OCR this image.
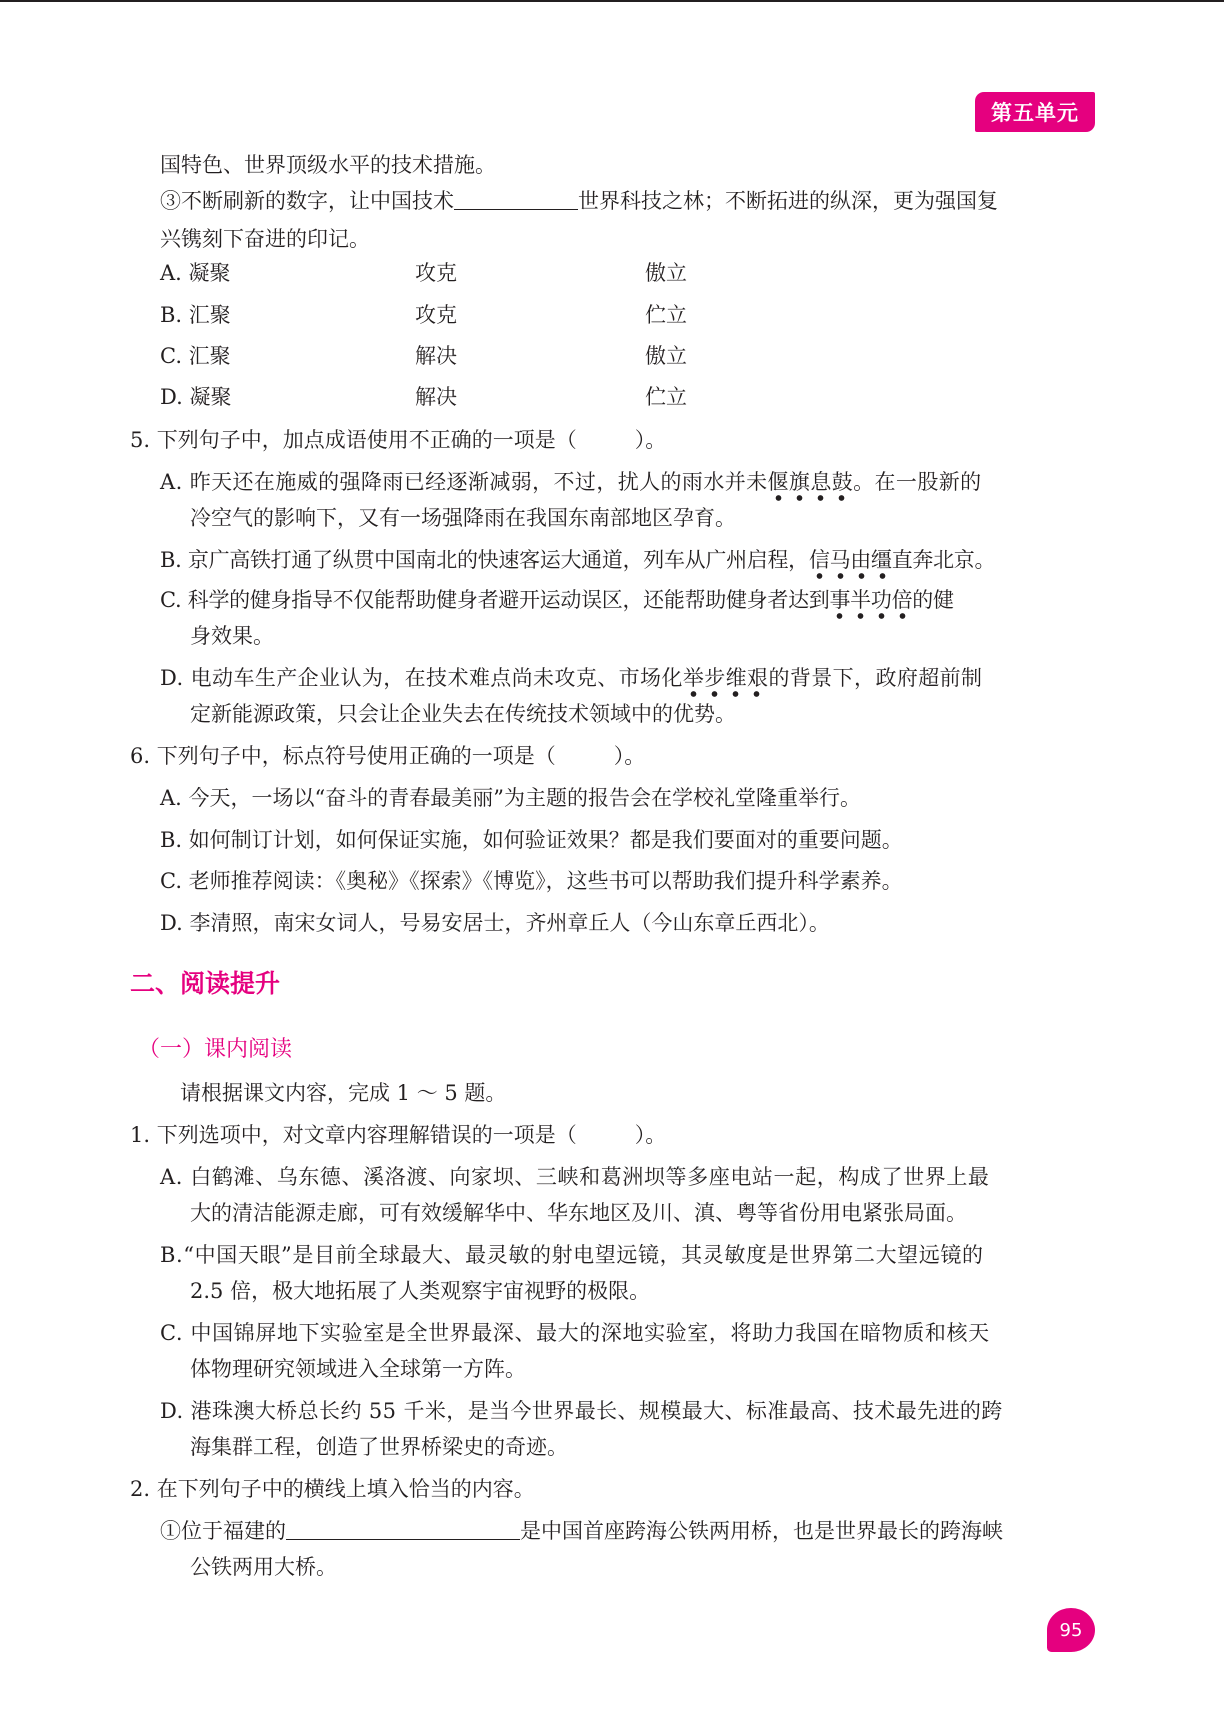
第五单元
国特色、世界顶级水平的技术措施。
③不断刷新的数字，让中国技术	世界科技之林；不断拓进的纵深，更为强国复
兴镌刻下奋进的印记。
A. 凝聚	攻克	傲立
B. 汇聚	攻克	伫立
C. 汇聚	解决	傲立
D. 凝聚	解决	伫立
5. 下列句子中，加点成语使用不正确的一项是（	）。
A. 昨天还在施威的强降雨已经逐渐减弱，不过，扰人的雨水并未偃旗息鼓。在一股新的
冷空气的影响下，又有一场强降雨在我国东南部地区孕育。
B. 京广高铁打通了纵贯中国南北的快速客运大通道，列车从广州启程，信马由缰直奔北京。
C. 科学的健身指导不仅能帮助健身者避开运动误区，还能帮助健身者达到事半功倍的健
身效果。
D. 电动车生产企业认为，在技术难点尚未攻克、市场化举步维艰的背景下，政府超前制
定新能源政策，只会让企业失去在传统技术领域中的优势。
6. 下列句子中，标点符号使用正确的一项是（	）。
A. 今天，一场以“奋斗的青春最美丽”为主题的报告会在学校礼堂隆重举行。
B. 如何制订计划，如何保证实施，如何验证效果？都是我们要面对的重要问题。
C. 老师推荐阅读：《奥秘》《探索》《博览》，这些书可以帮助我们提升科学素养。
D. 李清照，南宋女词人，号易安居士，齐州章丘人（今山东章丘西北）。
二、阅读提升
（一）课内阅读
请根据课文内容，完成 1 ～ 5 题。
1. 下列选项中，对文章内容理解错误的一项是（	）。
A. 白鹤滩、乌东德、溪洛渡、向家坝、三峡和葛洲坝等多座电站一起，构成了世界上最
大的清洁能源走廊，可有效缓解华中、华东地区及川、滇、粤等省份用电紧张局面。
B.“中国天眼”是目前全球最大、最灵敏的射电望远镜，其灵敏度是世界第二大望远镜的
2.5 倍，极大地拓展了人类观察宇宙视野的极限。
C. 中国锦屏地下实验室是全世界最深、最大的深地实验室，将助力我国在暗物质和核天
体物理研究领域进入全球第一方阵。
D. 港珠澳大桥总长约 55 千米，是当今世界最长、规模最大、标准最高、技术最先进的跨
海集群工程，创造了世界桥梁史的奇迹。
2. 在下列句子中的横线上填入恰当的内容。
①位于福建的	是中国首座跨海公铁两用桥，也是世界最长的跨海峡
公铁两用大桥。
95
